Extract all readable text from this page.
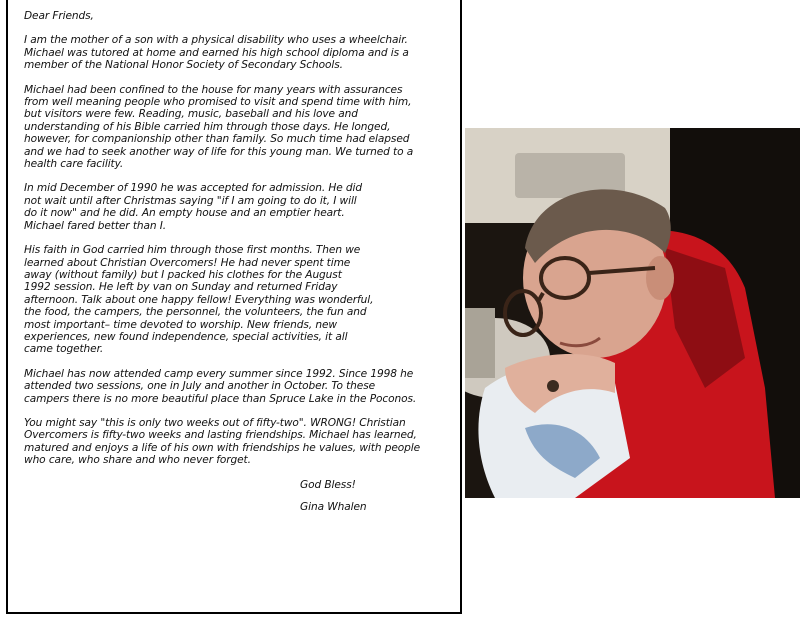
Dear Friends,

I am the mother of a son with a physical disability who uses a wheelchair.
Michael was tutored at home and earned his high school diploma and is a
member of the National Honor Society of Secondary Schools.

Michael had been confined to the house for many years with assurances
from well meaning people who promised to visit and spend time with him,
but visitors were few. Reading, music, baseball and his love and
understanding of his Bible carried him through those days. He longed,
however, for companionship other than family. So much time had elapsed
and we had to seek another way of life for this young man. We turned to a
health care facility.

In mid December of 1990 he was accepted for admission. He did
not wait until after Christmas saying "if I am going to do it, I will
do it now" and he did. An empty house and an emptier heart.
Michael fared better than I.

His faith in God carried him through those first months. Then we
learned about Christian Overcomers! He had never spent time
away (without family) but I packed his clothes for the August
1992 session. He left by van on Sunday and returned Friday
afternoon. Talk about one happy fellow! Everything was wonderful,
the food, the campers, the personnel, the volunteers, the fun and
most important– time devoted to worship. New friends, new
experiences, new found independence, special activities, it all
came together.

Michael has now attended camp every summer since 1992. Since 1998 he
attended two sessions, one in July and another in October. To these
campers there is no more beautiful place than Spruce Lake in the Poconos.

You might say "this is only two weeks out of fifty-two". WRONG! Christian
Overcomers is fifty-two weeks and lasting friendships. Michael has learned,
matured and enjoys a life of his own with friendships he values, with people
who care, who share and who never forget.

God Bless!

Gina Whalen
